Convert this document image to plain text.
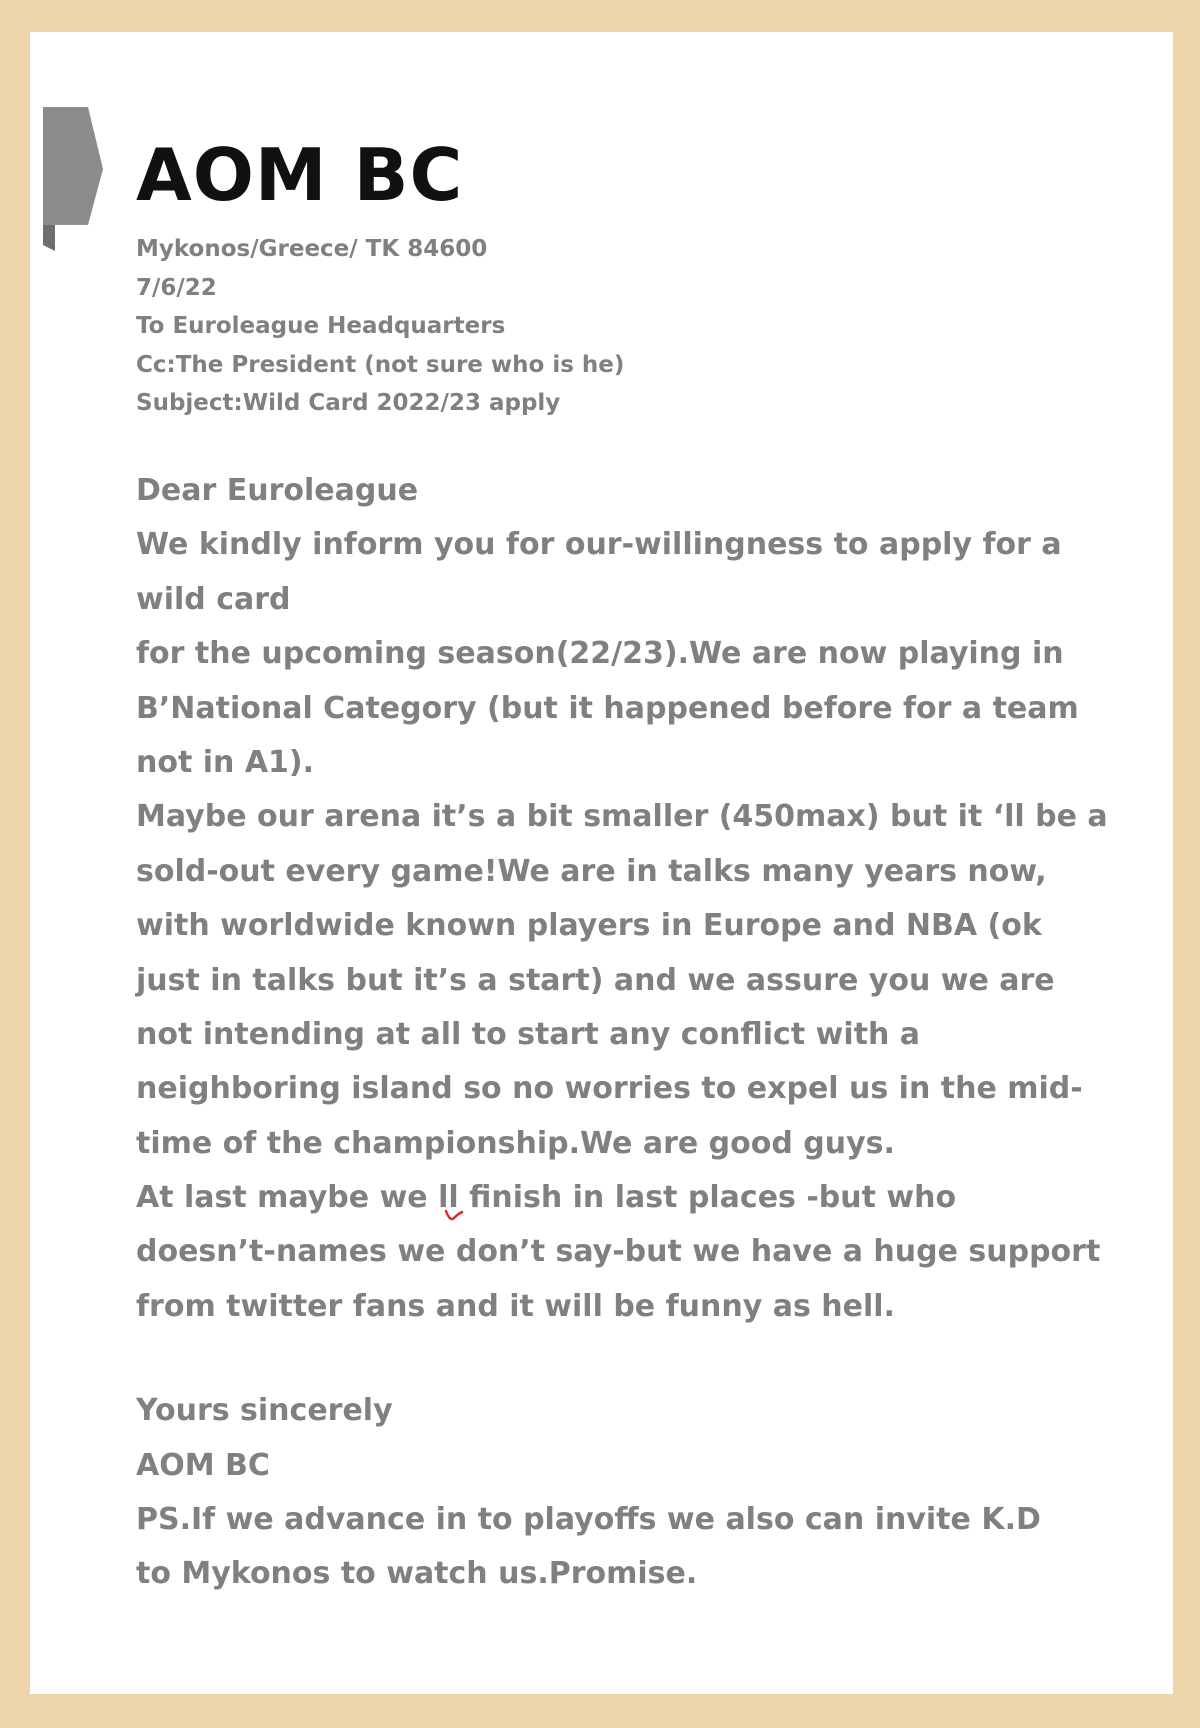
AOM BC
Mykonos/Greece/ TK 84600
7/6/22
To Euroleague Headquarters
Cc:The President (not sure who is he)
Subject:Wild Card 2022/23 apply
Dear Euroleague
We kindly inform you for our-willingness to apply for a
wild card
for the upcoming season(22/23).We are now playing in
B’National Category (but it happened before for a team
not in A1).
Maybe our arena it’s a bit smaller (450max) but it ‘ll be a
sold-out every game!We are in talks many years now,
with worldwide known players in Europe and NBA (ok
just in talks but it’s a start) and we assure you we are
not intending at all to start any conflict with a
neighboring island so no worries to expel us in the mid-
time of the championship.We are good guys.
At last maybe we ll
finish in last places -but who
doesn’t-names we don’t say-but we have a huge support
from twitter fans and it will be funny as hell.
Yours sincerely
AOM BC
PS.If we advance in to playoffs we also can invite K.D
to Mykonos to watch us.Promise.
